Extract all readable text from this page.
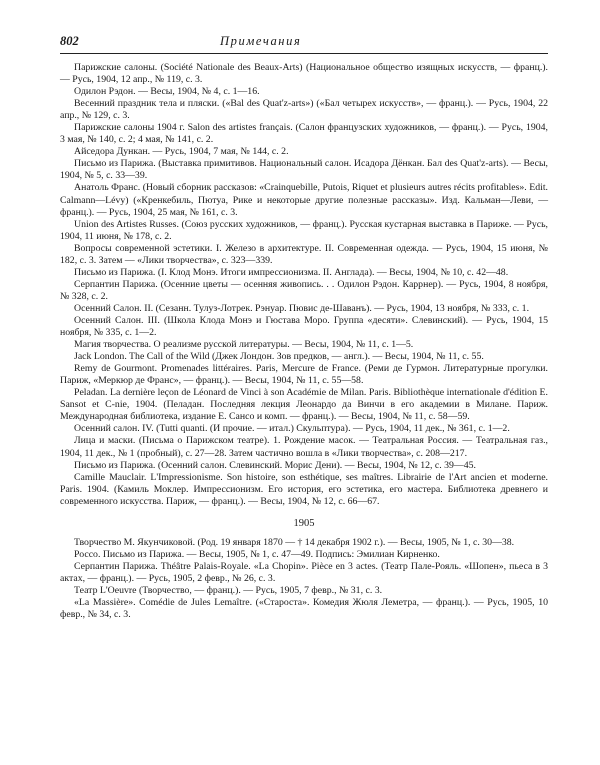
802	Примечания

Парижские салоны. (Société Nationale des Beaux-Arts) (Национальное общество изящных искусств, — франц.). — Русь, 1904, 12 апр., № 119, с. 3.

Одилон Рэдон. — Весы, 1904, № 4, с. 1—16.

Весенний праздник тела и пляски. («Bal des Quat'z-arts») («Бал четырех искусств», — франц.). — Русь, 1904, 22 апр., № 129, с. 3.

Парижские салоны 1904 г. Salon des artistes français. (Салон французских художников, — франц.). — Русь, 1904, 3 мая, № 140, с. 2; 4 мая, № 141, с. 2.

Айседора Дункан. — Русь, 1904, 7 мая, № 144, с. 2.

Письмо из Парижа. (Выставка примитивов. Национальный салон. Исадора Дёнкан. Бал des Quat'z-arts). — Весы, 1904, № 5, с. 33—39.

Анатоль Франс. (Новый сборник рассказов: «Crainquebille, Putois, Riquet et plusieurs autres récits profitables». Edit. Calmann—Lévy) («Кренкебиль, Пютуа, Рике и некоторые другие полезные рассказы». Изд. Кальман—Леви, — франц.). — Русь, 1904, 25 мая, № 161, с. 3.

Union des Artistes Russes. (Союз русских художников, — франц.). Русская кустарная выставка в Париже. — Русь, 1904, 11 июня, № 178, с. 2.

Вопросы современной эстетики. I. Железо в архитектуре. II. Современная одежда. — Русь, 1904, 15 июня, № 182, с. 3. Затем — «Лики творчества», с. 323—339.

Письмо из Парижа. (I. Клод Монэ. Итоги импрессионизма. II. Англада). — Весы, 1904, № 10, с. 42—48.

Серпантин Парижа. (Осенние цветы — осенняя живопись. . . Одилон Рэдон. Каррнер). — Русь, 1904, 8 ноября, № 328, с. 2.

Осенний Салон. II. (Сезанн. Тулуз-Лотрек. Рэнуар. Пювис де-Шаванъ). — Русь, 1904, 13 ноября, № 333, с. 1.

Осенний Салон. III. (Школа Клода Монэ и Гюстава Моро. Группа «десяти». Слевинский). — Русь, 1904, 15 ноября, № 335, с. 1—2.

Магия творчества. О реализме русской литературы. — Весы, 1904, № 11, с. 1—5.

Jack London. The Call of the Wild (Джек Лондон. Зов предков, — англ.). — Весы, 1904, № 11, с. 55.

Remy de Gourmont. Promenades littéraires. Paris, Mercure de France. (Реми де Гурмон. Литературные прогулки. Париж, «Меркюр де Франс», — франц.). — Весы, 1904, № 11, с. 55—58.

Peladan. La dernière leçon de Léonard de Vinci à son Académie de Milan. Paris. Bibliothèque internationale d'édition E. Sansot et C-nie, 1904. (Пеладан. Последняя лекция Леонардо да Винчи в его академии в Милане. Париж. Международная библиотека, издание Е. Сансо и комп. — франц.). — Весы, 1904, № 11, с. 58—59.

Осенний салон. IV. (Tutti quanti. (И прочие. — итал.) Скульптура). — Русь, 1904, 11 дек., № 361, с. 1—2.

Лица и маски. (Письма о Парижском театре). 1. Рождение масок. — Театральная Россия. — Театральная газ., 1904, 11 дек., № 1 (пробный), с. 27—28. Затем частично вошла в «Лики творчества», с. 208—217.

Письмо из Парижа. (Осенний салон. Слевинский. Морис Дени). — Весы, 1904, № 12, с. 39—45.

Camille Mauclair. L'Impressionisme. Son histoire, son esthétique, ses maîtres. Librairie de l'Art ancien et moderne. Paris. 1904. (Камиль Моклер. Импрессионизм. Его история, его эстетика, его мастера. Библиотека древнего и современного искусства. Париж, — франц.). — Весы, 1904, № 12, с. 66—67.

1905

Творчество М. Якунчиковой. (Род. 19 января 1870 — † 14 декабря 1902 г.). — Весы, 1905, № 1, с. 30—38.

Россо. Письмо из Парижа. — Весы, 1905, № 1, с. 47—49. Подпись: Эмилиан Кирненко.

Серпантин Парижа. Théâtre Palais-Royale. «La Chopin». Pièce en 3 actes. (Театр Пале-Рояль. «Шопен», пьеса в 3 актах, — франц.). — Русь, 1905, 2 февр., № 26, с. 3.

Театр L'Oeuvre (Творчество, — франц.). — Русь, 1905, 7 февр., № 31, с. 3.

«La Massière». Comédie de Jules Lemaître. («Староста». Комедия Жюля Леметра, — франц.). — Русь, 1905, 10 февр., № 34, с. 3.
